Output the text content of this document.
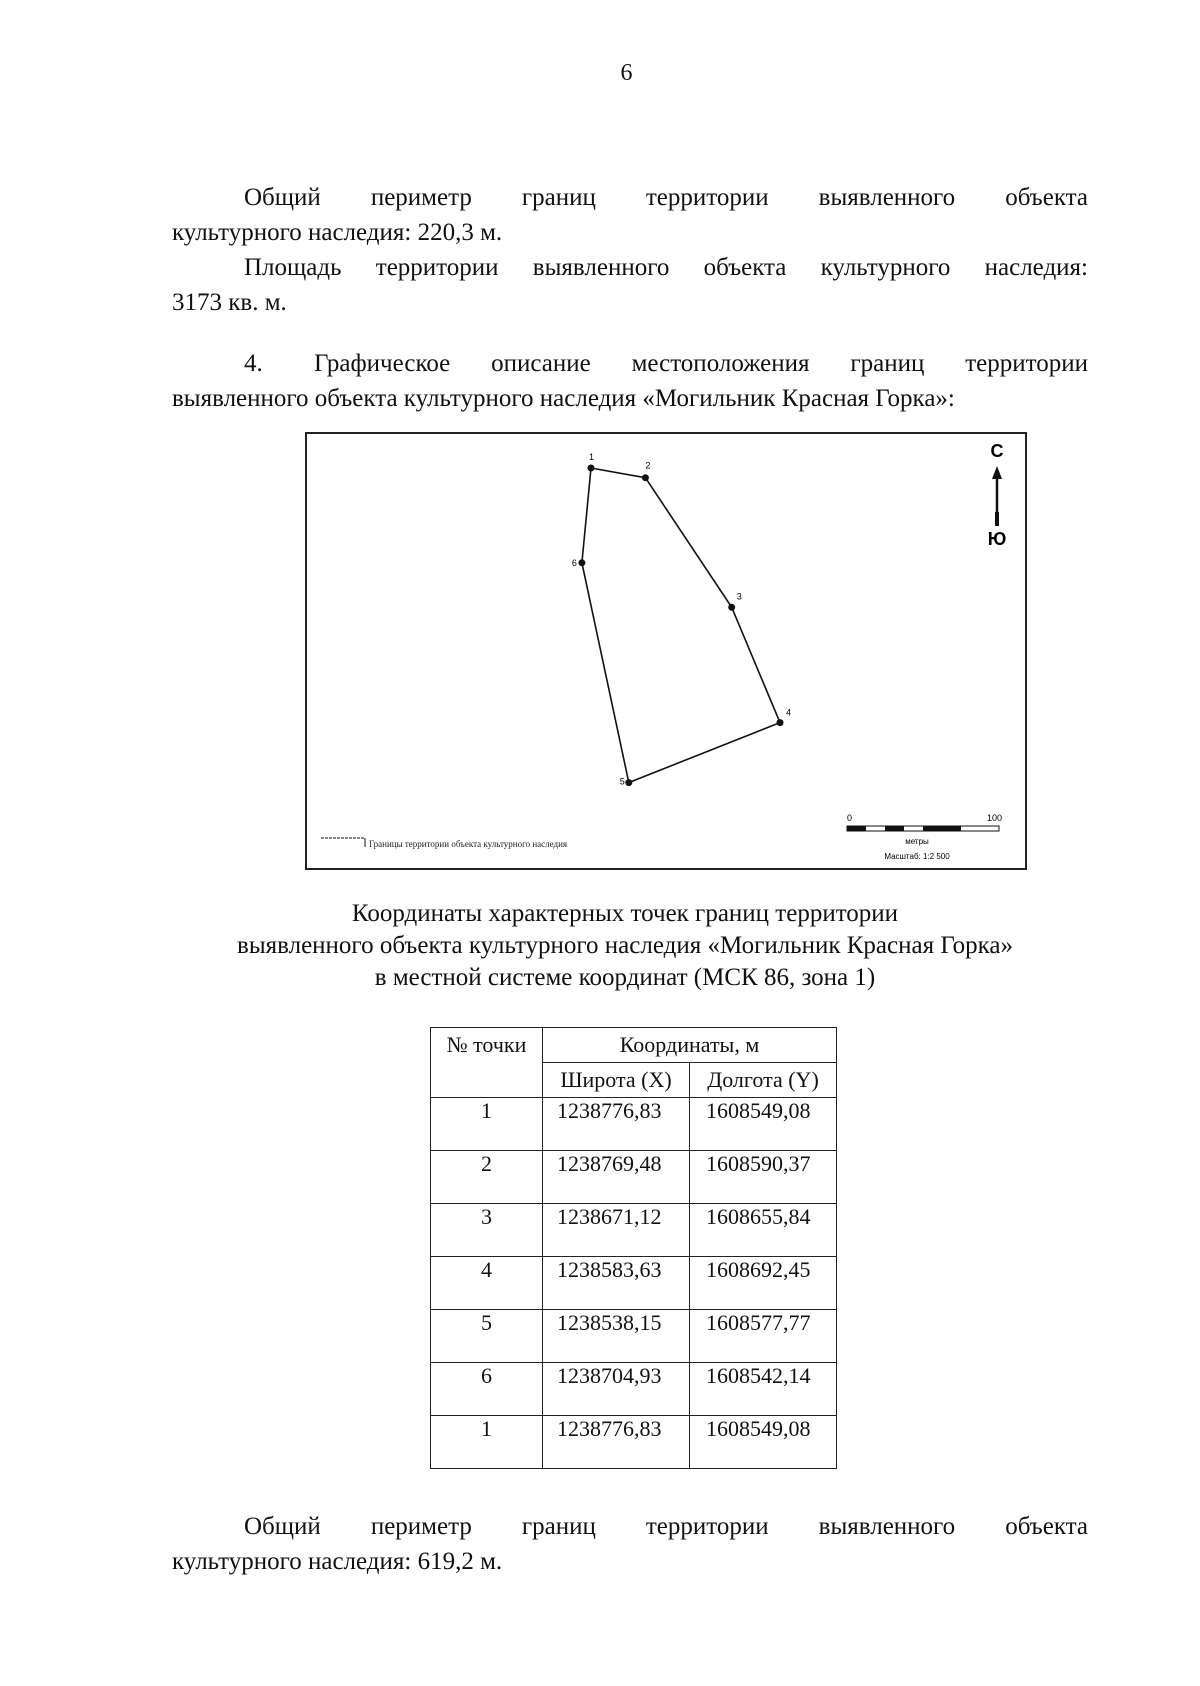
6
Общий периметр границ территории выявленного объекта
культурного наследия: 220,3 м.
Площадь территории выявленного объекта культурного наследия:
3173 кв. м.
4.	Графическое описание местоположения границ территории
выявленного объекта культурного наследия «Могильник Красная Горка»:
1
2
3
4
5
6
С
Ю
Границы территории объекта культурного наследия
0	100
метры
Масштаб: 1:2 500
Координаты характерных точек границ территории
выявленного объекта культурного наследия «Могильник Красная Горка»
в местной системе координат (МСК 86, зона 1)
№ точки	Координаты, м	
	Широта (X)	Долгота (Y)
1	1238776,83	1608549,08
2	1238769,48	1608590,37
3	1238671,12	1608655,84
4	1238583,63	1608692,45
5	1238538,15	1608577,77
6	1238704,93	1608542,14
1	1238776,83	1608549,08
Общий периметр границ территории выявленного объекта
культурного наследия: 619,2 м.
